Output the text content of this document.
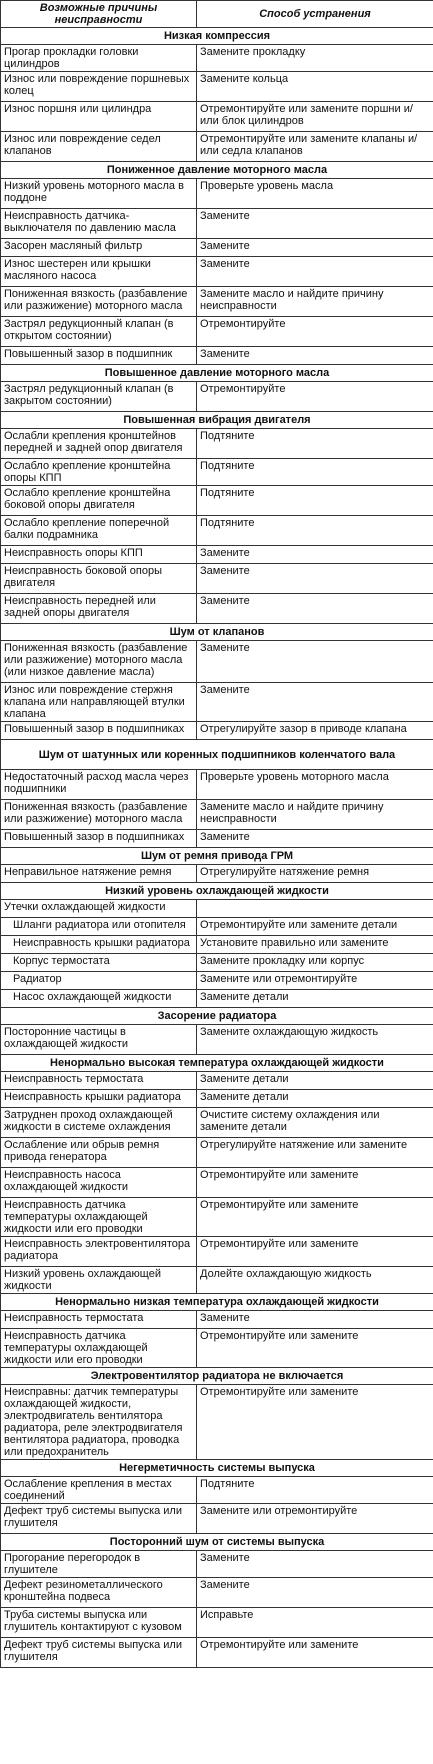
Возможные причины неисправности	Способ устранения
Низкая компрессия	
Прогар прокладки головки цилиндров	Замените прокладку
Износ или повреждение поршневых колец	Замените кольца
Износ поршня или цилиндра	Отремонтируйте или замените поршни и/или блок цилиндров
Износ или повреждение седел клапанов	Отремонтируйте или замените клапаны и/или седла клапанов
Пониженное давление моторного масла	
Низкий уровень моторного масла в поддоне	Проверьте уровень масла
Неисправность датчика-выключателя по давлению масла	Замените
Засорен масляный фильтр	Замените
Износ шестерен или крышки масляного насоса	Замените
Пониженная вязкость (разбавление или разжижение) моторного масла	Замените масло и найдите причину неисправности
Застрял редукционный клапан (в открытом состоянии)	Отремонтируйте
Повышенный зазор в подшипник	Замените
Повышенное давление моторного масла	
Застрял редукционный клапан (в закрытом состоянии)	Отремонтируйте
Повышенная вибрация двигателя	
Ослабли крепления кронштейнов передней и задней опор двигателя	Подтяните
Ослабло крепление кронштейна опоры КПП	Подтяните
Ослабло крепление кронштейна боковой опоры двигателя	Подтяните
Ослабло крепление поперечной балки подрамника	Подтяните
Неисправность опоры КПП	Замените
Неисправность боковой опоры двигателя	Замените
Неисправность передней или задней опоры двигателя	Замените
Шум от клапанов	
Пониженная вязкость (разбавление или разжижение) моторного масла (или низкое давление масла)	Замените
Износ или повреждение стержня клапана или направляющей втулки клапана	Замените
Повышенный зазор в подшипниках	Отрегулируйте зазор в приводе клапана
Шум от шатунных или коренных подшипников коленчатого вала	
Недостаточный расход масла через подшипники	Проверьте уровень моторного масла
Пониженная вязкость (разбавление или разжижение) моторного масла	Замените масло и найдите причину неисправности
Повышенный зазор в подшипниках	Замените
Шум от ремня привода ГРМ	
Неправильное натяжение ремня	Отрегулируйте натяжение ремня
Низкий уровень охлаждающей жидкости	
Утечки охлаждающей жидкости	
Шланги радиатора или отопителя	Отремонтируйте или замените детали
Неисправность крышки радиатора	Установите правильно или замените
Корпус термостата	Замените прокладку или корпус
Радиатор	Замените или отремонтируйте
Насос охлаждающей жидкости	Замените детали
Засорение радиатора	
Посторонние частицы в охлаждающей жидкости	Замените охлаждающую жидкость
Ненормально высокая температура охлаждающей жидкости	
Неисправность термостата	Замените детали
Неисправность крышки радиатора	Замените детали
Затруднен проход охлаждающей жидкости в системе охлаждения	Очистите систему охлаждения или замените детали
Ослабление или обрыв ремня привода генератора	Отрегулируйте натяжение или замените
Неисправность насоса охлаждающей жидкости	Отремонтируйте или замените
Неисправность датчика температуры охлаждающей жидкости или его проводки	Отремонтируйте или замените
Неисправность электровентилятора радиатора	Отремонтируйте или замените
Низкий уровень охлаждающей жидкости	Долейте охлаждающую жидкость
Ненормально низкая температура охлаждающей жидкости	
Неисправность термостата	Замените
Неисправность датчика температуры охлаждающей жидкости или его проводки	Отремонтируйте или замените
Электровентилятор радиатора не включается	
Неисправны: датчик температуры охлаждающей жидкости, электродвигатель вентилятора радиатора, реле электродвигателя вентилятора радиатора, проводка или предохранитель	Отремонтируйте или замените
Негерметичность системы выпуска	
Ослабление крепления в местах соединений	Подтяните
Дефект труб системы выпуска или глушителя	Замените или отремонтируйте
Посторонний шум от системы выпуска	
Прогорание перегородок в глушителе	Замените
Дефект резинометаллического кронштейна подвеса	Замените
Труба системы выпуска или глушитель контактируют с кузовом	Исправьте
Дефект труб системы выпуска или глушителя	Отремонтируйте или замените
